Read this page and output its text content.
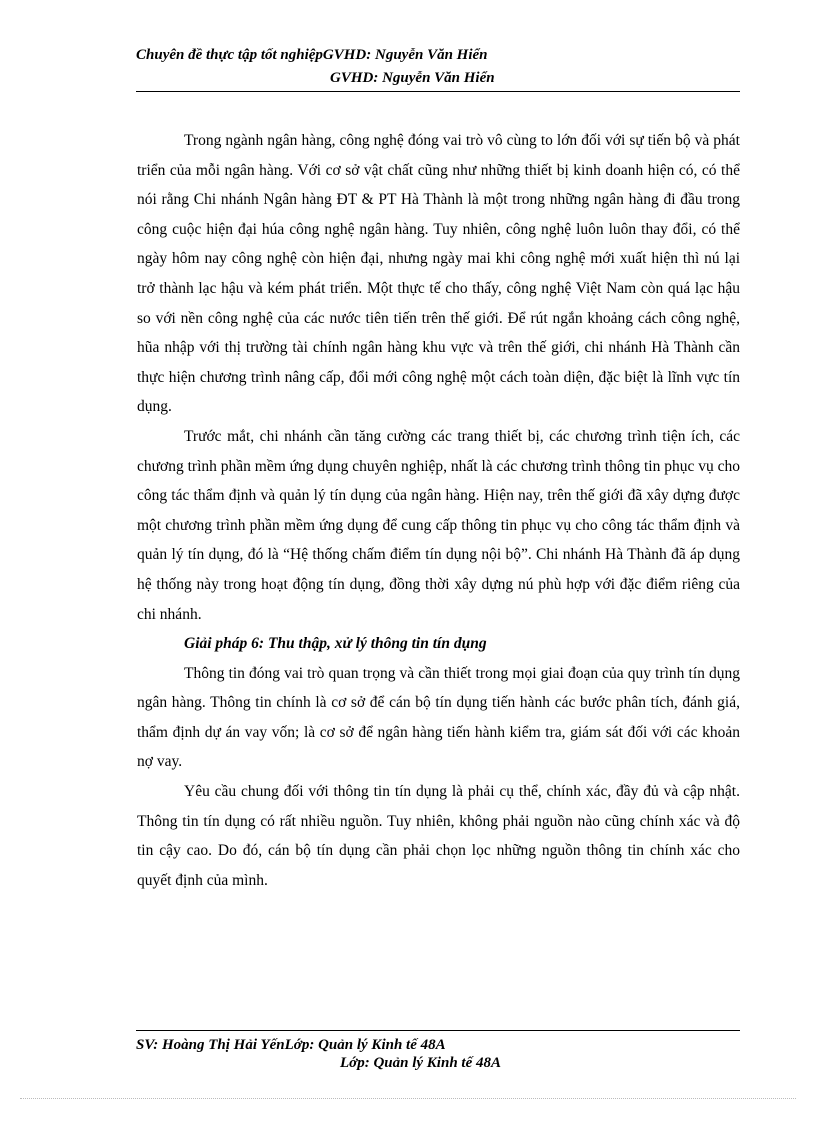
Chuyên đề thực tập tốt nghiệpGVHD: Nguyễn Văn Hiển
GVHD: Nguyễn Văn Hiển

Trong ngành ngân hàng, công nghệ đóng vai trò vô cùng to lớn đối với sự tiến bộ và phát triển của mỗi ngân hàng. Với cơ sở vật chất cũng như những thiết bị kinh doanh hiện có, có thể nói rằng Chi nhánh Ngân hàng ĐT & PT Hà Thành là một trong những ngân hàng đi đầu trong công cuộc hiện đại húa công nghệ ngân hàng. Tuy nhiên, công nghệ luôn luôn thay đổi, có thể ngày hôm nay công nghệ còn hiện đại, nhưng ngày mai khi công nghệ mới xuất hiện thì nú lại trở thành lạc hậu và kém phát triển. Một thực tế cho thấy, công nghệ Việt Nam còn quá lạc hậu so với nền công nghệ của các nước tiên tiến trên thế giới. Để rút ngắn khoảng cách công nghệ, hũa nhập với thị trường tài chính ngân hàng khu vực và trên thế giới, chi nhánh Hà Thành cần thực hiện chương trình nâng cấp, đổi mới công nghệ một cách toàn diện, đặc biệt là lĩnh vực tín dụng.

Trước mắt, chi nhánh cần tăng cường các trang thiết bị, các chương trình tiện ích, các chương trình phần mềm ứng dụng chuyên nghiệp, nhất là các chương trình thông tin phục vụ cho công tác thẩm định và quản lý tín dụng của ngân hàng. Hiện nay, trên thế giới đã xây dựng được một chương trình phần mềm ứng dụng để cung cấp thông tin phục vụ cho công tác thẩm định và quản lý tín dụng, đó là “Hệ thống chấm điểm tín dụng nội bộ”. Chi nhánh Hà Thành đã áp dụng hệ thống này trong hoạt động tín dụng, đồng thời xây dựng nú phù hợp với đặc điểm riêng của chi nhánh.

Giải pháp 6: Thu thập, xử lý thông tin tín dụng

Thông tin đóng vai trò quan trọng và cần thiết trong mọi giai đoạn của quy trình tín dụng ngân hàng. Thông tin chính là cơ sở để cán bộ tín dụng tiến hành các bước phân tích, đánh giá, thẩm định dự án vay vốn; là cơ sở để ngân hàng tiến hành kiểm tra, giám sát đối với các khoản nợ vay.

Yêu cầu chung đối với thông tin tín dụng là phải cụ thể, chính xác, đầy đủ và cập nhật. Thông tin tín dụng có rất nhiều nguồn. Tuy nhiên, không phải nguồn nào cũng chính xác và độ tin cậy cao. Do đó, cán bộ tín dụng cần phải chọn lọc những nguồn thông tin chính xác cho quyết định của mình.

SV: Hoàng Thị Hải YếnLớp: Quản lý Kinh tế 48A
Lớp: Quản lý Kinh tế 48A
